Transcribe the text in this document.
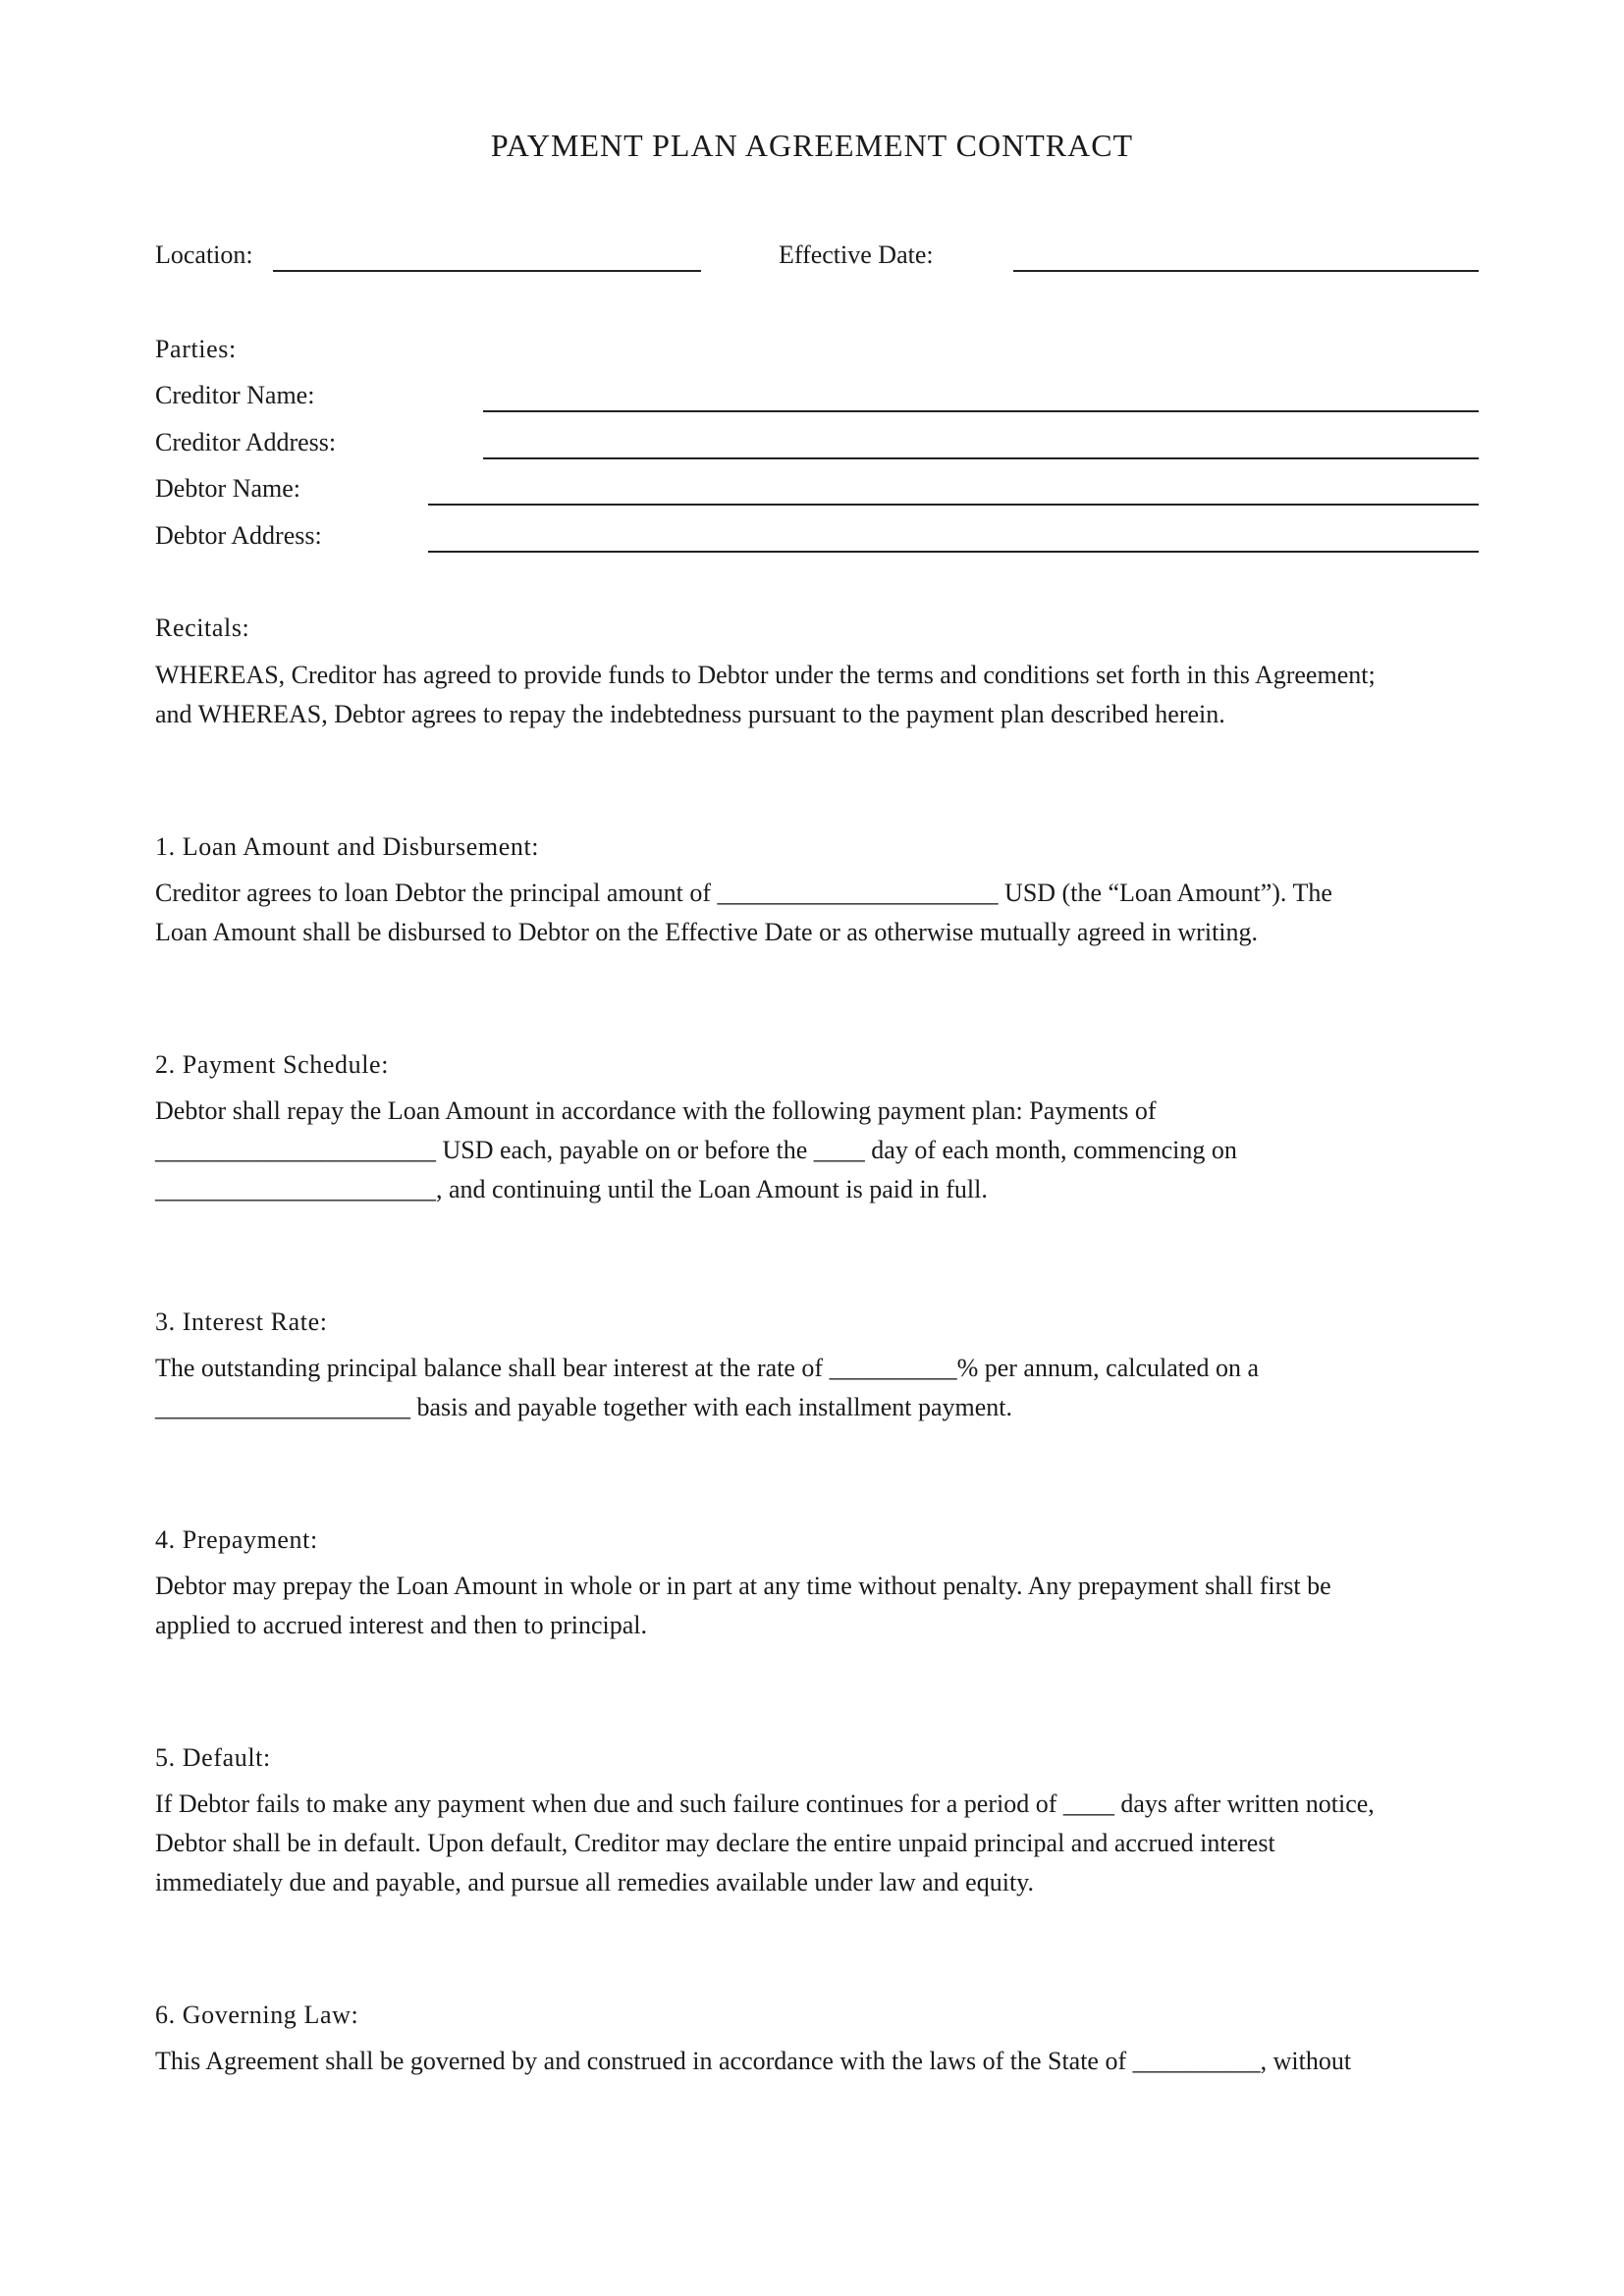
PAYMENT PLAN AGREEMENT CONTRACT
Location:	Effective Date:
Parties:
Creditor Name:
Creditor Address:
Debtor Name:
Debtor Address:
Recitals:
WHEREAS, Creditor has agreed to provide funds to Debtor under the terms and conditions set forth in this Agreement;
and WHEREAS, Debtor agrees to repay the indebtedness pursuant to the payment plan described herein.
1. Loan Amount and Disbursement:
Creditor agrees to loan Debtor the principal amount of ______________________ USD (the “Loan Amount”). The
Loan Amount shall be disbursed to Debtor on the Effective Date or as otherwise mutually agreed in writing.
2. Payment Schedule:
Debtor shall repay the Loan Amount in accordance with the following payment plan: Payments of
______________________ USD each, payable on or before the ____ day of each month, commencing on
______________________, and continuing until the Loan Amount is paid in full.
3. Interest Rate:
The outstanding principal balance shall bear interest at the rate of __________% per annum, calculated on a
____________________ basis and payable together with each installment payment.
4. Prepayment:
Debtor may prepay the Loan Amount in whole or in part at any time without penalty. Any prepayment shall first be
applied to accrued interest and then to principal.
5. Default:
If Debtor fails to make any payment when due and such failure continues for a period of ____ days after written notice,
Debtor shall be in default. Upon default, Creditor may declare the entire unpaid principal and accrued interest
immediately due and payable, and pursue all remedies available under law and equity.
6. Governing Law:
This Agreement shall be governed by and construed in accordance with the laws of the State of __________, without
